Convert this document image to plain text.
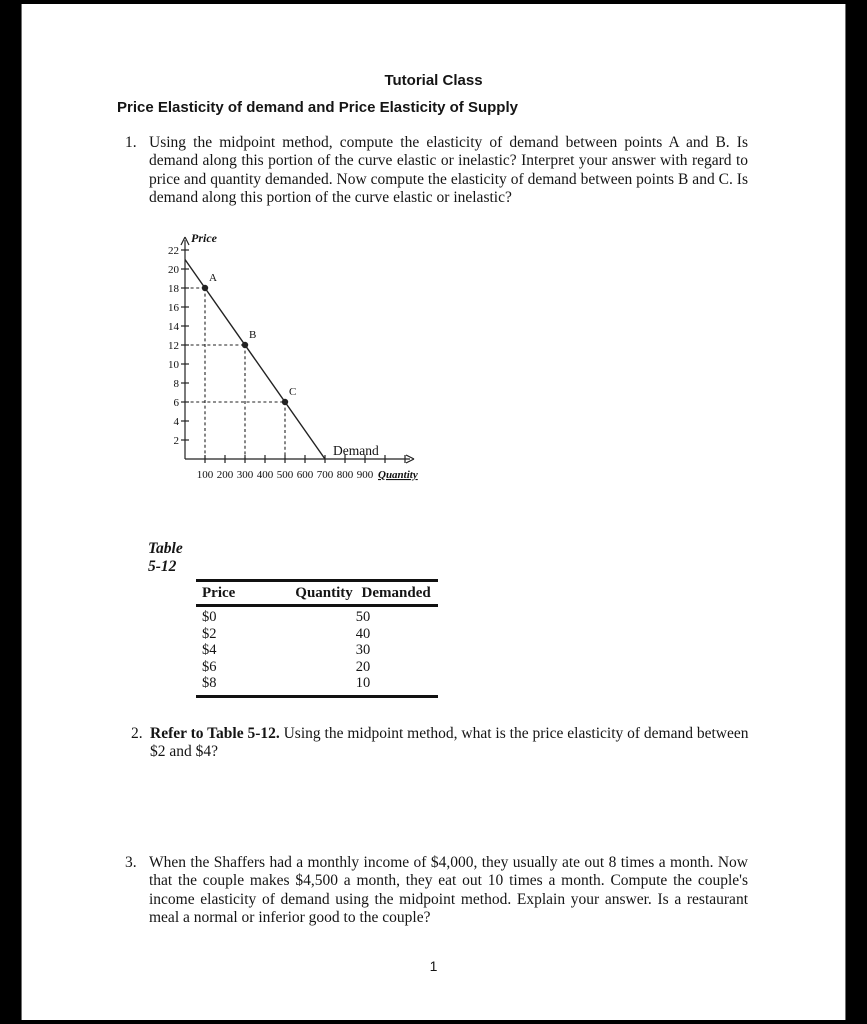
Tutorial Class
Price Elasticity of demand and Price Elasticity of Supply
1. Using the midpoint method, compute the elasticity of demand between points A and B. Is demand along this portion of the curve elastic or inelastic? Interpret your answer with regard to price and quantity demanded. Now compute the elasticity of demand between points B and C. Is demand along this portion of the curve elastic or inelastic?
2
4
6
8
10
12
14
16
18
20
22
100 200 300 400 500 600 700 800 900
Price
Quantity
Demand
A
B
C
Table
5-12
Price	Quantity Demanded
$0	50
$2	40
$4	30
$6	20
$8	10
2. Refer to Table 5-12. Using the midpoint method, what is the price elasticity of demand between $2 and $4?
3. When the Shaffers had a monthly income of $4,000, they usually ate out 8 times a month. Now that the couple makes $4,500 a month, they eat out 10 times a month. Compute the couple's income elasticity of demand using the midpoint method. Explain your answer. Is a restaurant meal a normal or inferior good to the couple?
1
